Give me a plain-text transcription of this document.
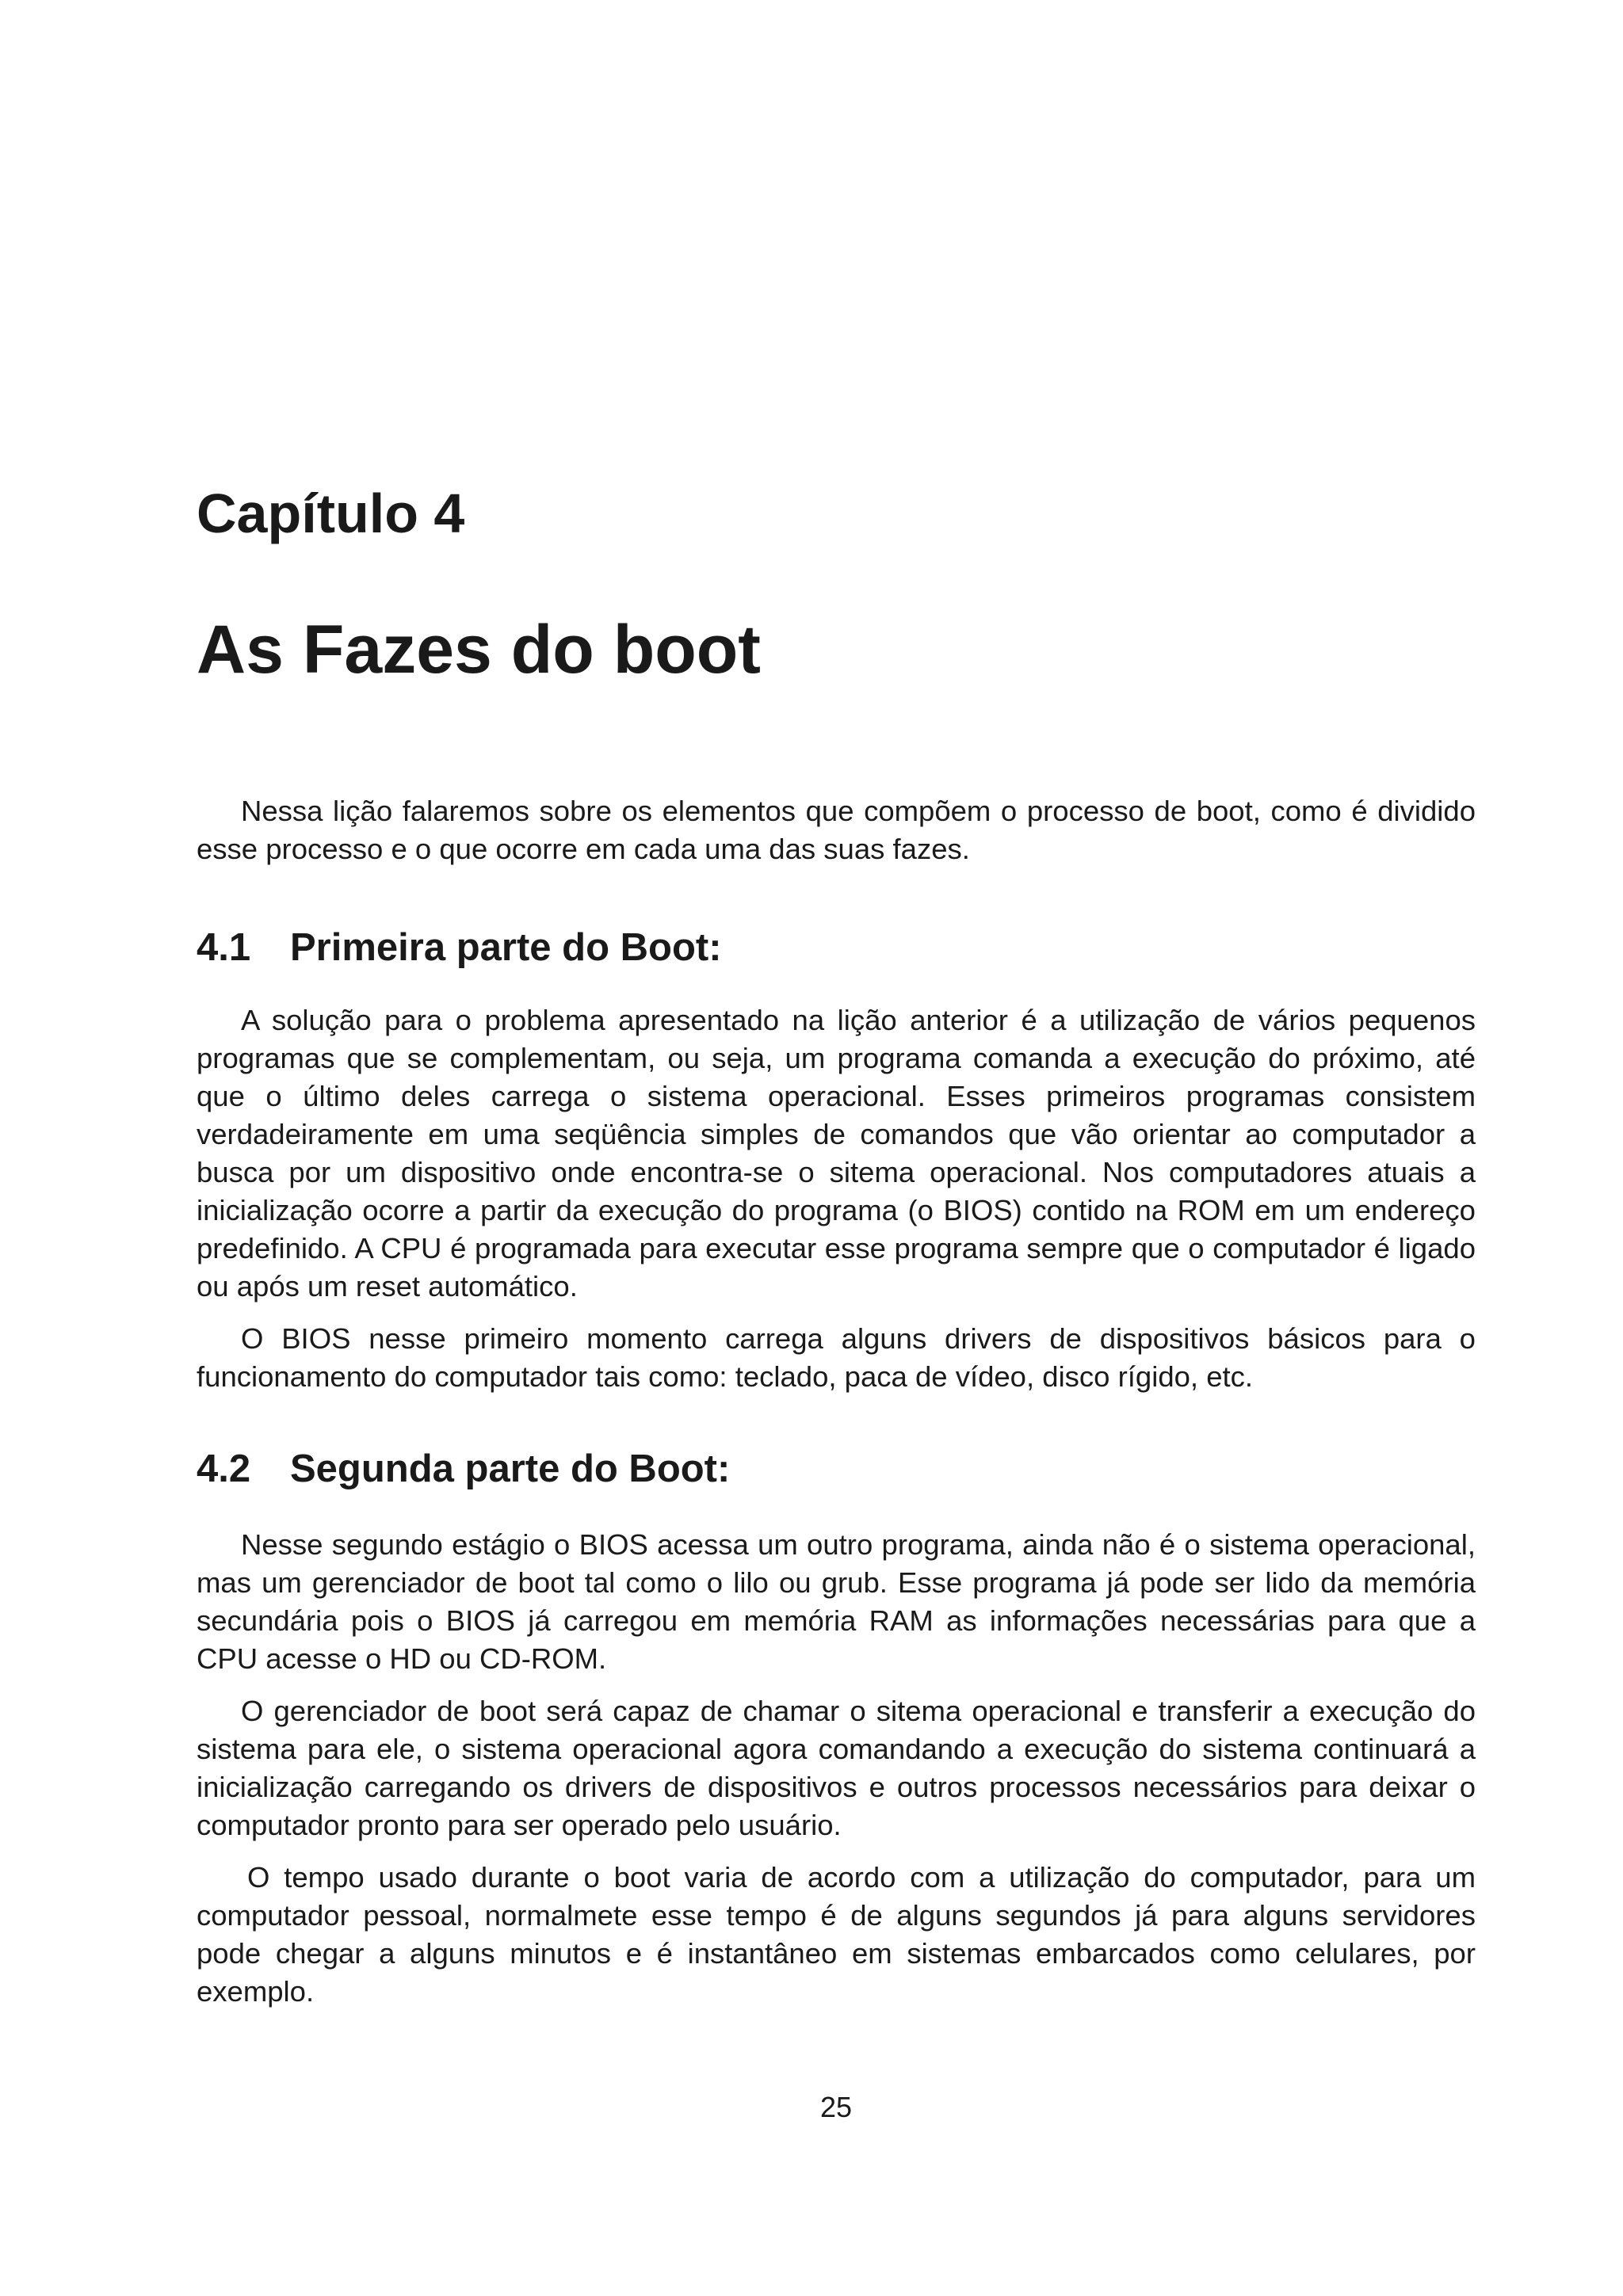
Capítulo 4
As Fazes do boot

Nessa lição falaremos sobre os elementos que compõem o processo de boot, como é dividido esse processo e o que ocorre em cada uma das suas fazes.

4.1 Primeira parte do Boot:

A solução para o problema apresentado na lição anterior é a utilização de vários pequenos programas que se complementam, ou seja, um programa comanda a execução do próximo, até que o último deles carrega o sistema operacional. Esses primeiros programas consistem verdadeiramente em uma seqüência simples de comandos que vão orientar ao computador a busca por um dispositivo onde encontra-se o sitema operacional. Nos computadores atuais a inicialização ocorre a partir da execução do programa (o BIOS) contido na ROM em um endereço predefinido. A CPU é programada para executar esse programa sempre que o computador é ligado ou após um reset automático.

O BIOS nesse primeiro momento carrega alguns drivers de dispositivos básicos para o funcionamento do computador tais como: teclado, paca de vídeo, disco rígido, etc.

4.2 Segunda parte do Boot:

Nesse segundo estágio o BIOS acessa um outro programa, ainda não é o sistema operacional, mas um gerenciador de boot tal como o lilo ou grub. Esse programa já pode ser lido da memória secundária pois o BIOS já carregou em memória RAM as informações necessárias para que a CPU acesse o HD ou CD-ROM.

O gerenciador de boot será capaz de chamar o sitema operacional e transferir a execução do sistema para ele, o sistema operacional agora comandando a execução do sistema continuará a inicialização carregando os drivers de dispositivos e outros processos necessários para deixar o computador pronto para ser operado pelo usuário.

O tempo usado durante o boot varia de acordo com a utilização do computador, para um computador pessoal, normalmete esse tempo é de alguns segundos já para alguns servidores pode chegar a alguns minutos e é instantâneo em sistemas embarcados como celulares, por exemplo.

25
